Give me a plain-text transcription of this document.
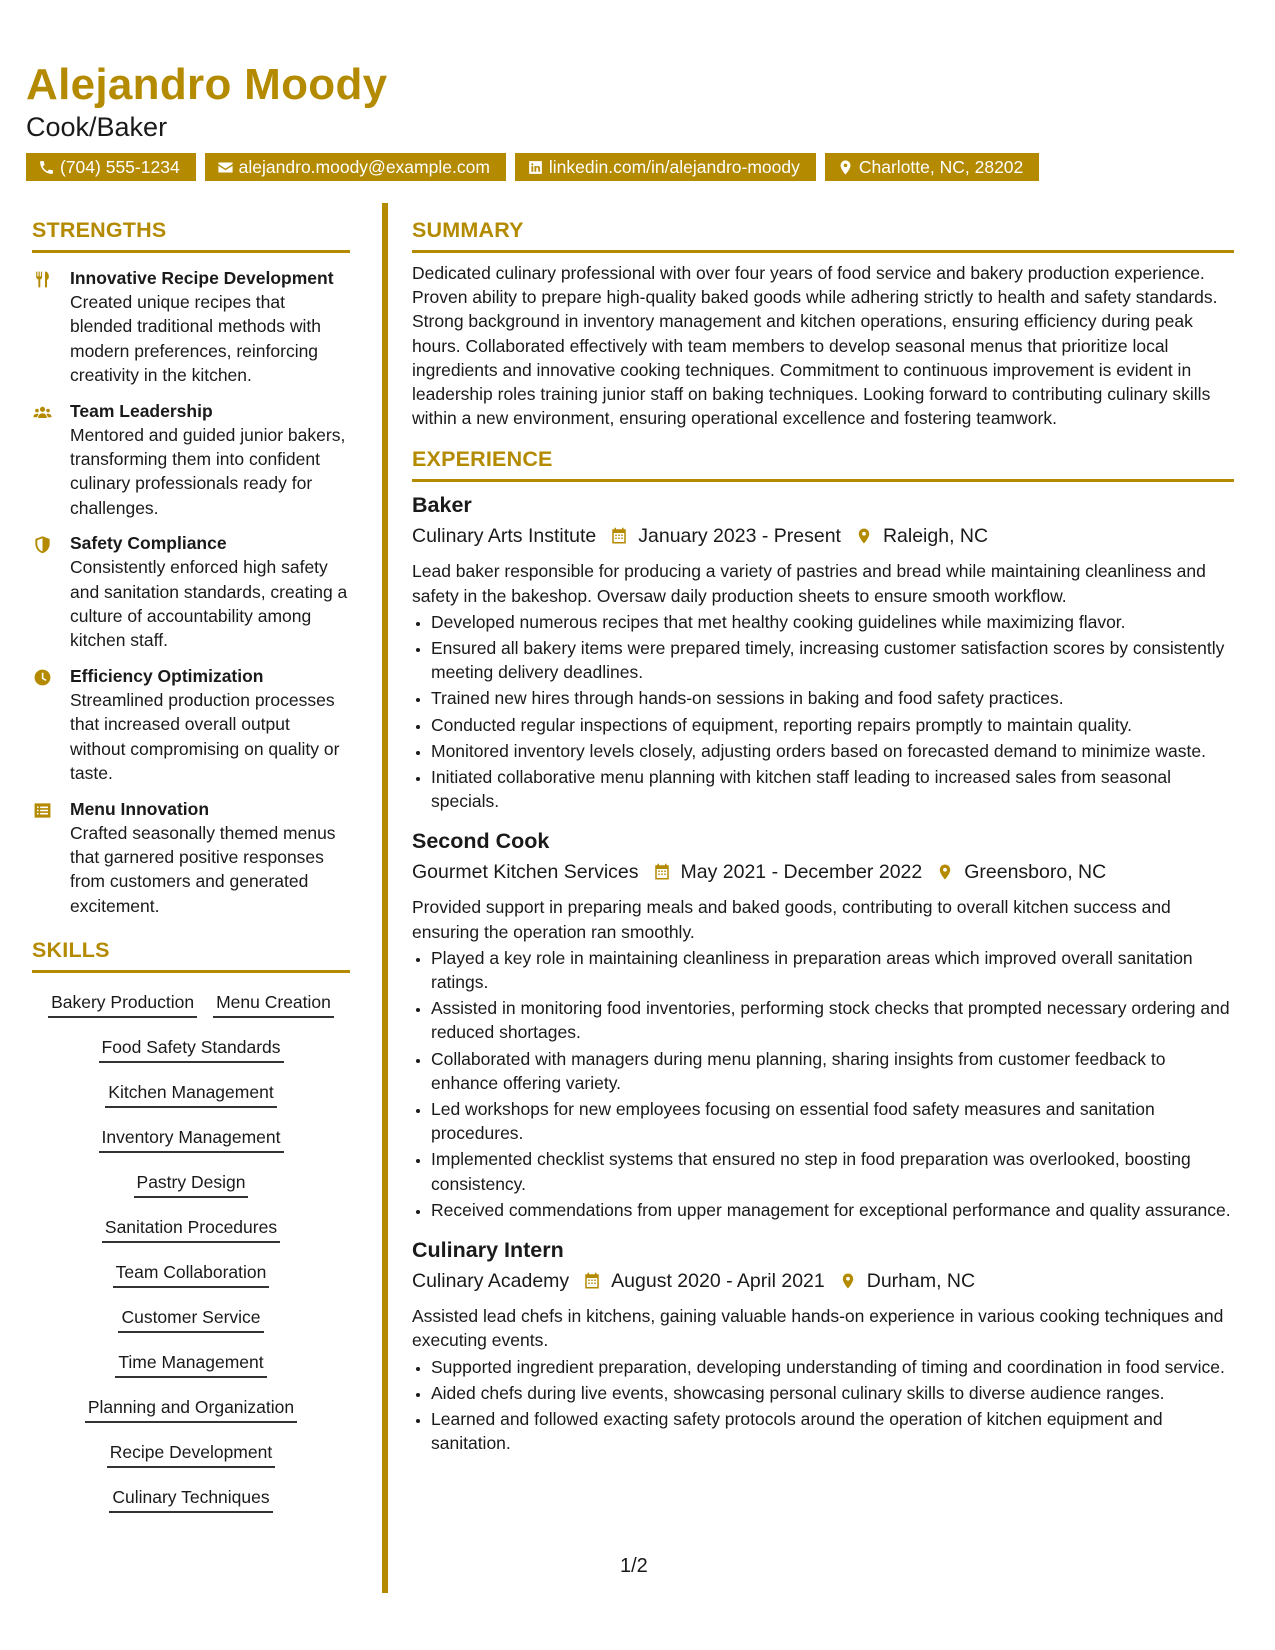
Alejandro Moody
Cook/Baker
(704) 555-1234	alejandro.moody@example.com	linkedin.com/in/alejandro-moody	Charlotte, NC, 28202
STRENGTHS
Innovative Recipe Development
Created unique recipes that blended traditional methods with modern preferences, reinforcing creativity in the kitchen.
Team Leadership
Mentored and guided junior bakers, transforming them into confident culinary professionals ready for challenges.
Safety Compliance
Consistently enforced high safety and sanitation standards, creating a culture of accountability among kitchen staff.
Efficiency Optimization
Streamlined production processes that increased overall output without compromising on quality or taste.
Menu Innovation
Crafted seasonally themed menus that garnered positive responses from customers and generated excitement.
SKILLS
Bakery Production Menu Creation
Food Safety Standards
Kitchen Management
Inventory Management
Pastry Design
Sanitation Procedures
Team Collaboration
Customer Service
Time Management
Planning and Organization
Recipe Development
Culinary Techniques
SUMMARY
Dedicated culinary professional with over four years of food service and bakery production experience. Proven ability to prepare high-quality baked goods while adhering strictly to health and safety standards. Strong background in inventory management and kitchen operations, ensuring efficiency during peak hours. Collaborated effectively with team members to develop seasonal menus that prioritize local ingredients and innovative cooking techniques. Commitment to continuous improvement is evident in leadership roles training junior staff on baking techniques. Looking forward to contributing culinary skills within a new environment, ensuring operational excellence and fostering teamwork.
EXPERIENCE
Baker
Culinary Arts Institute January 2023 - Present Raleigh, NC
Lead baker responsible for producing a variety of pastries and bread while maintaining cleanliness and safety in the bakeshop. Oversaw daily production sheets to ensure smooth workflow.
• Developed numerous recipes that met healthy cooking guidelines while maximizing flavor.
• Ensured all bakery items were prepared timely, increasing customer satisfaction scores by consistently meeting delivery deadlines.
• Trained new hires through hands-on sessions in baking and food safety practices.
• Conducted regular inspections of equipment, reporting repairs promptly to maintain quality.
• Monitored inventory levels closely, adjusting orders based on forecasted demand to minimize waste.
• Initiated collaborative menu planning with kitchen staff leading to increased sales from seasonal specials.
Second Cook
Gourmet Kitchen Services May 2021 - December 2022 Greensboro, NC
Provided support in preparing meals and baked goods, contributing to overall kitchen success and ensuring the operation ran smoothly.
• Played a key role in maintaining cleanliness in preparation areas which improved overall sanitation ratings.
• Assisted in monitoring food inventories, performing stock checks that prompted necessary ordering and reduced shortages.
• Collaborated with managers during menu planning, sharing insights from customer feedback to enhance offering variety.
• Led workshops for new employees focusing on essential food safety measures and sanitation procedures.
• Implemented checklist systems that ensured no step in food preparation was overlooked, boosting consistency.
• Received commendations from upper management for exceptional performance and quality assurance.
Culinary Intern
Culinary Academy August 2020 - April 2021 Durham, NC
Assisted lead chefs in kitchens, gaining valuable hands-on experience in various cooking techniques and executing events.
• Supported ingredient preparation, developing understanding of timing and coordination in food service.
• Aided chefs during live events, showcasing personal culinary skills to diverse audience ranges.
• Learned and followed exacting safety protocols around the operation of kitchen equipment and sanitation.
1/2
